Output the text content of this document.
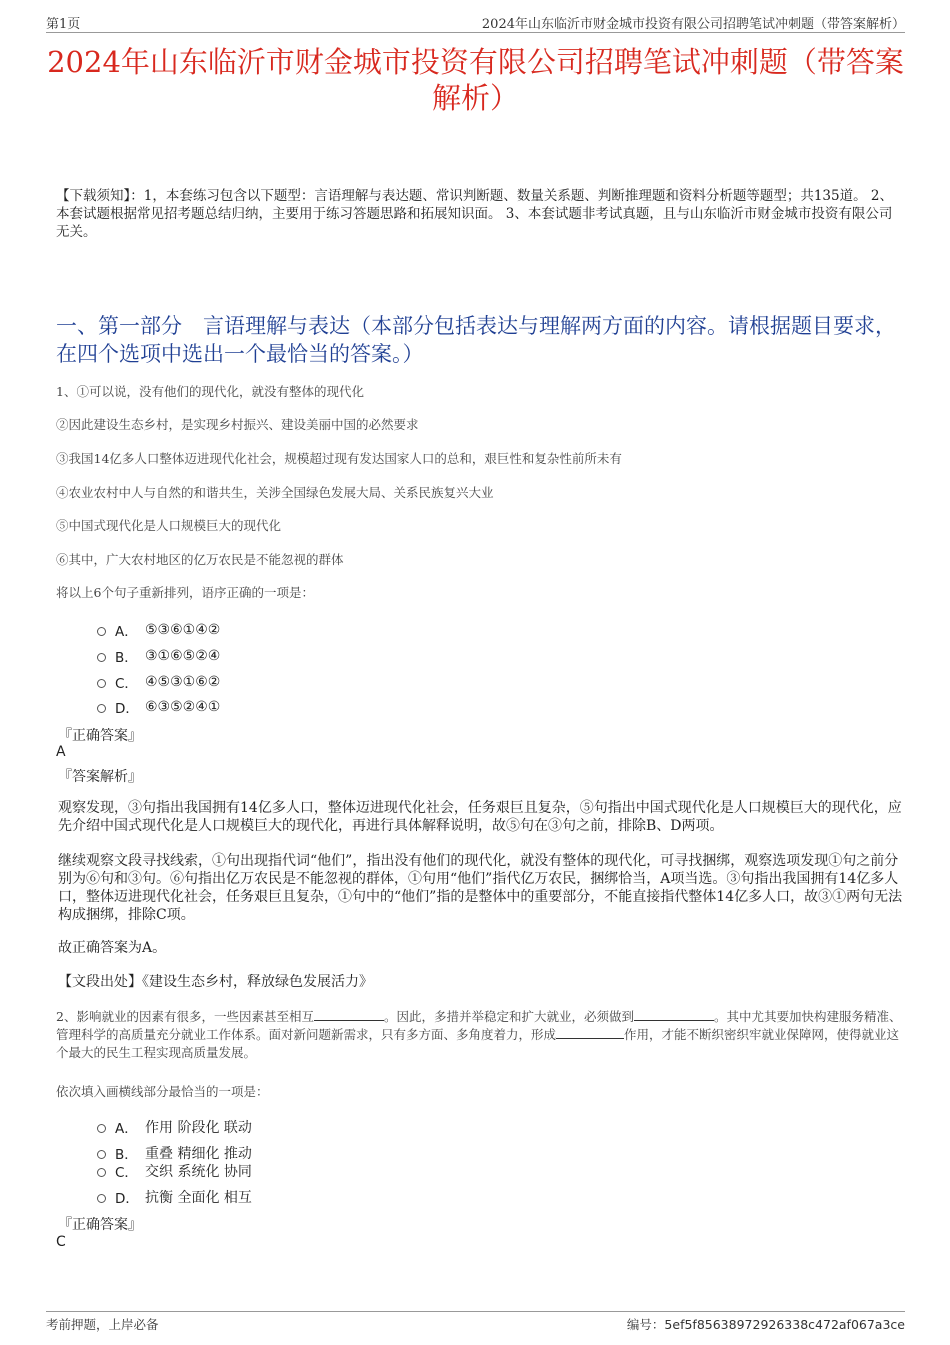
第1页	2024年山东临沂市财金城市投资有限公司招聘笔试冲刺题（带答案解析）
2024年山东临沂市财金城市投资有限公司招聘笔试冲刺题（带答案解析）
【下载须知】：1，本套练习包含以下题型：言语理解与表达题、常识判断题、数量关系题、判断推理题和资料分析题等题型；共135道。 2、本套试题根据常见招考题总结归纳，主要用于练习答题思路和拓展知识面。 3、本套试题非考试真题，且与山东临沂市财金城市投资有限公司无关。
一、第一部分　言语理解与表达（本部分包括表达与理解两方面的内容。请根据题目要求，在四个选项中选出一个最恰当的答案。）
1、①可以说，没有他们的现代化，就没有整体的现代化
②因此建设生态乡村，是实现乡村振兴、建设美丽中国的必然要求
③我国14亿多人口整体迈进现代化社会，规模超过现有发达国家人口的总和，艰巨性和复杂性前所未有
④农业农村中人与自然的和谐共生，关涉全国绿色发展大局、关系民族复兴大业
⑤中国式现代化是人口规模巨大的现代化
⑥其中，广大农村地区的亿万农民是不能忽视的群体
将以上6个句子重新排列，语序正确的一项是：
A． ⑤③⑥①④②
B． ③①⑥⑤②④
C． ④⑤③①⑥②
D． ⑥③⑤②④①
『正确答案』
A
『答案解析』
观察发现，③句指出我国拥有14亿多人口，整体迈进现代化社会，任务艰巨且复杂，⑤句指出中国式现代化是人口规模巨大的现代化，应先介绍中国式现代化是人口规模巨大的现代化，再进行具体解释说明，故⑤句在③句之前，排除B、D两项。
继续观察文段寻找线索，①句出现指代词“他们”，指出没有他们的现代化，就没有整体的现代化，可寻找捆绑，观察选项发现①句之前分别为⑥句和③句。⑥句指出亿万农民是不能忽视的群体，①句用“他们”指代亿万农民，捆绑恰当，A项当选。③句指出我国拥有14亿多人口，整体迈进现代化社会，任务艰巨且复杂，①句中的“他们”指的是整体中的重要部分，不能直接指代整体14亿多人口，故③①两句无法构成捆绑，排除C项。
故正确答案为A。
【文段出处】《建设生态乡村，释放绿色发展活力》
2、影响就业的因素有很多，一些因素甚至相互	。因此，多措并举稳定和扩大就业，必须做到	。其中尤其要加快构建服务精准、管理科学的高质量充分就业工作体系。面对新问题新需求，只有多方面、多角度着力，形成	作用，才能不断织密织牢就业保障网，使得就业这个最大的民生工程实现高质量发展。
依次填入画横线部分最恰当的一项是：
A． 作用 阶段化 联动
B． 重叠 精细化 推动
C． 交织 系统化 协同
D． 抗衡 全面化 相互
『正确答案』
C
考前押题，上岸必备	编号：5ef5f85638972926338c472af067a3ce
